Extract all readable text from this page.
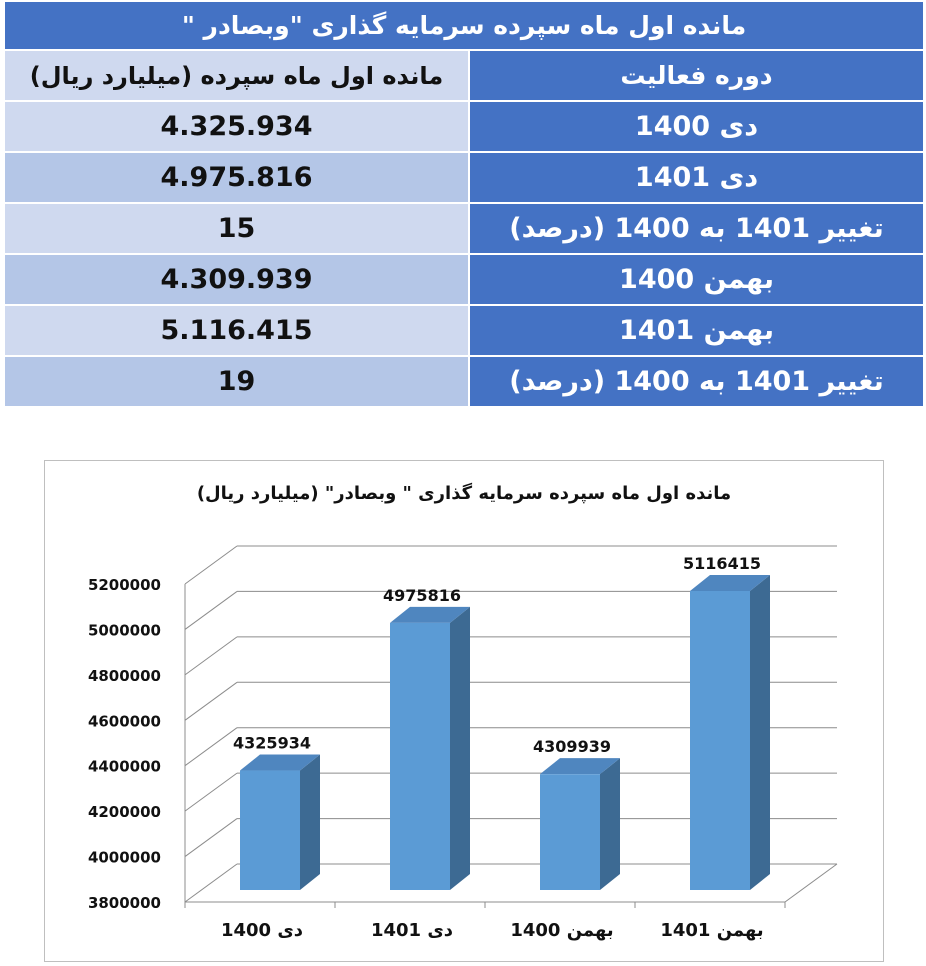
مانده اول ماه سپرده سرمایه گذاری "وبصادر "
مانده اول ماه سپرده (میلیارد ریال)	دوره فعالیت
4.325.934	دی 1400
4.975.816	دی 1401
15	تغییر 1401 به 1400 (درصد)
4.309.939	بهمن 1400
5.116.415	بهمن 1401
19	تغییر 1401 به 1400 (درصد)
مانده اول ماه سپرده سرمایه گذاری " وبصادر" (میلیارد ریال)
3800000
4000000
4200000
4400000
4600000
4800000
5000000
5200000
4325934
دی 1400
4975816
دی 1401
4309939
بهمن 1400
5116415
بهمن 1401
